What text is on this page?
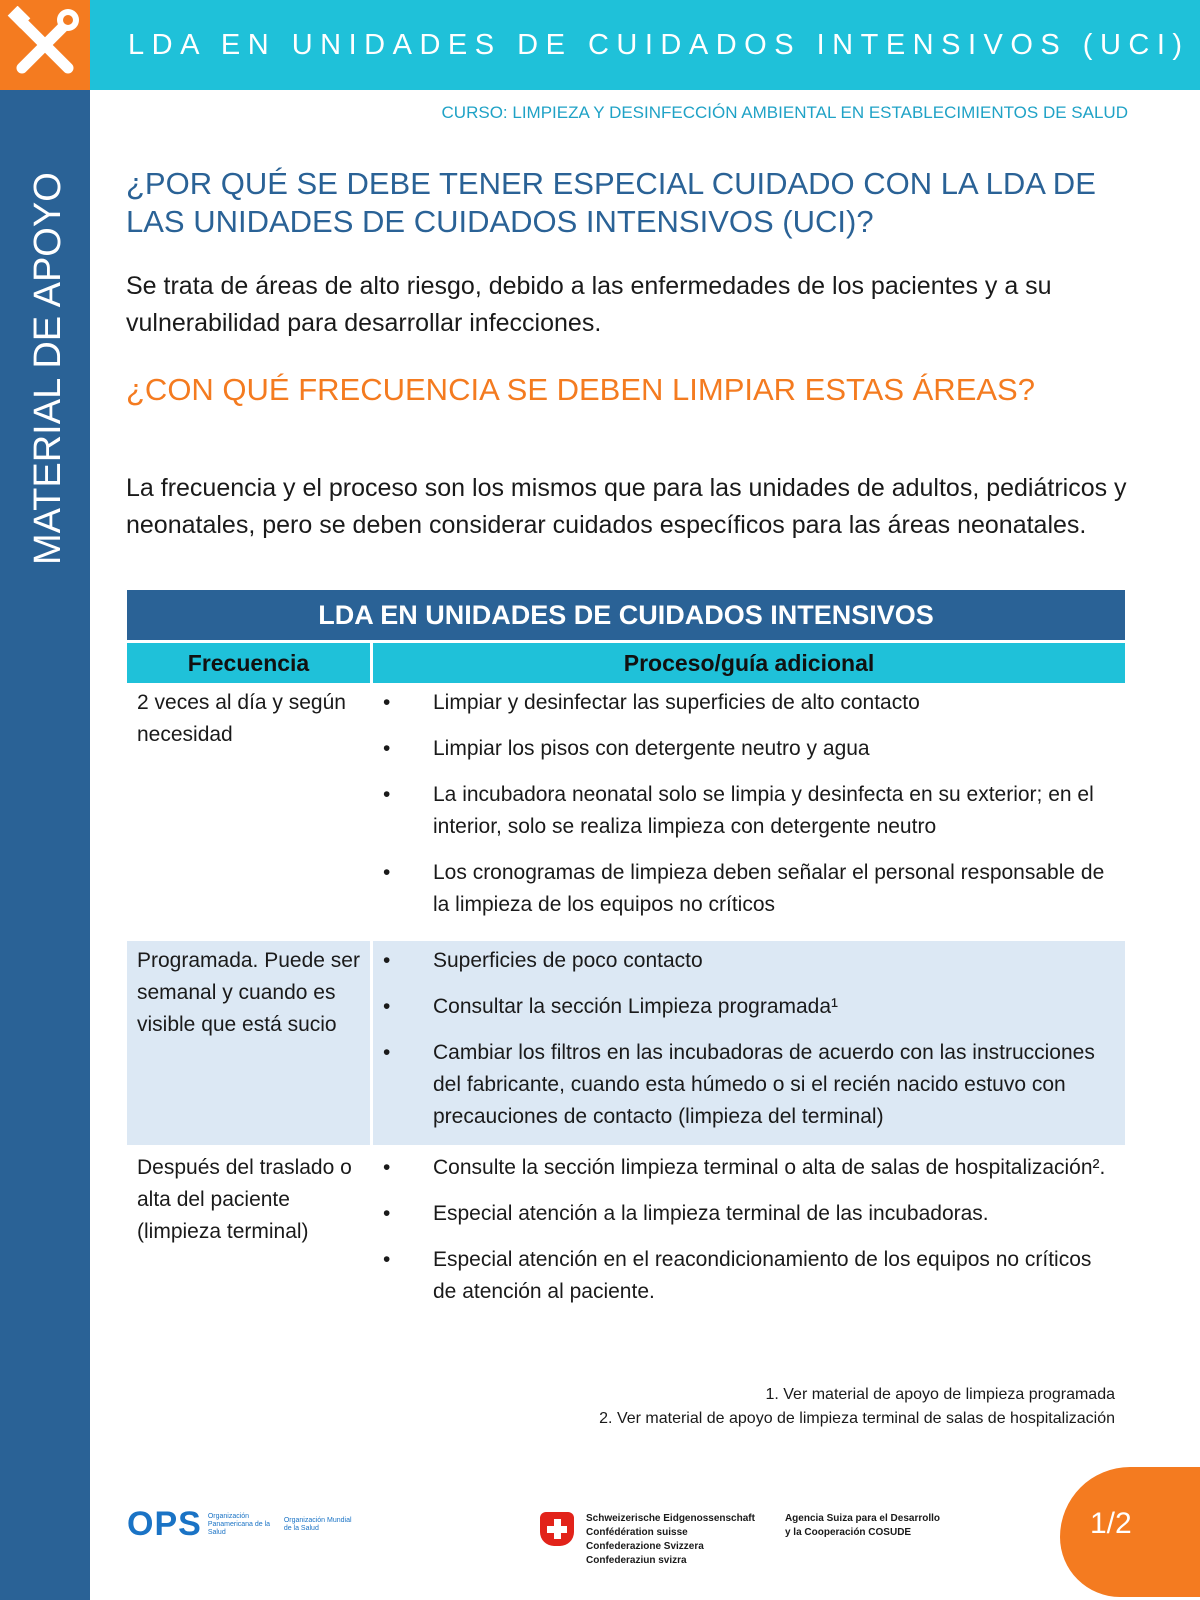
LDA EN UNIDADES DE CUIDADOS INTENSIVOS (UCI)
MATERIAL DE APOYO
CURSO: LIMPIEZA Y DESINFECCIÓN AMBIENTAL EN ESTABLECIMIENTOS DE SALUD
¿POR QUÉ SE DEBE TENER ESPECIAL CUIDADO CON LA LDA DE LAS UNIDADES DE CUIDADOS INTENSIVOS (UCI)?
Se trata de áreas de alto riesgo, debido a las enfermedades de los pacientes y a su vulnerabilidad para desarrollar infecciones.
¿CON QUÉ FRECUENCIA SE DEBEN LIMPIAR ESTAS ÁREAS?
La frecuencia y el proceso son los mismos que para las unidades de adultos, pediátricos y neonatales, pero se deben considerar cuidados específicos para las áreas neonatales.
LDA EN UNIDADES DE CUIDADOS INTENSIVOS
Frecuencia	Proceso/guía adicional
2 veces al día y según necesidad
•	Limpiar y desinfectar las superficies de alto contacto
•	Limpiar los pisos con detergente neutro y agua
•	La incubadora neonatal solo se limpia y desinfecta en su exterior; en el interior, solo se realiza limpieza con detergente neutro
•	Los cronogramas de limpieza deben señalar el personal responsable de la limpieza de los equipos no críticos
Programada. Puede ser semanal y cuando es visible que está sucio
•	Superficies de poco contacto
•	Consultar la sección Limpieza programada¹
•	Cambiar los filtros en las incubadoras de acuerdo con las instrucciones del fabricante, cuando esta húmedo o si el recién nacido estuvo con precauciones de contacto (limpieza del terminal)
Después del traslado o alta del paciente (limpieza terminal)
•	Consulte la sección limpieza terminal o alta de salas de hospitalización².
•	Especial atención a la limpieza terminal de las incubadoras.
•	Especial atención en el reacondicionamiento de los equipos no críticos de atención al paciente.
1. Ver material de apoyo de limpieza programada
2. Ver material de apoyo de limpieza terminal de salas de hospitalización
OPS Organización Panamericana de la Salud
Organización Mundial de la Salud
Schweizerische Eidgenossenschaft
Confédération suisse
Confederazione Svizzera
Confederaziun svizra
Agencia Suiza para el Desarrollo
y la Cooperación COSUDE	1/2
